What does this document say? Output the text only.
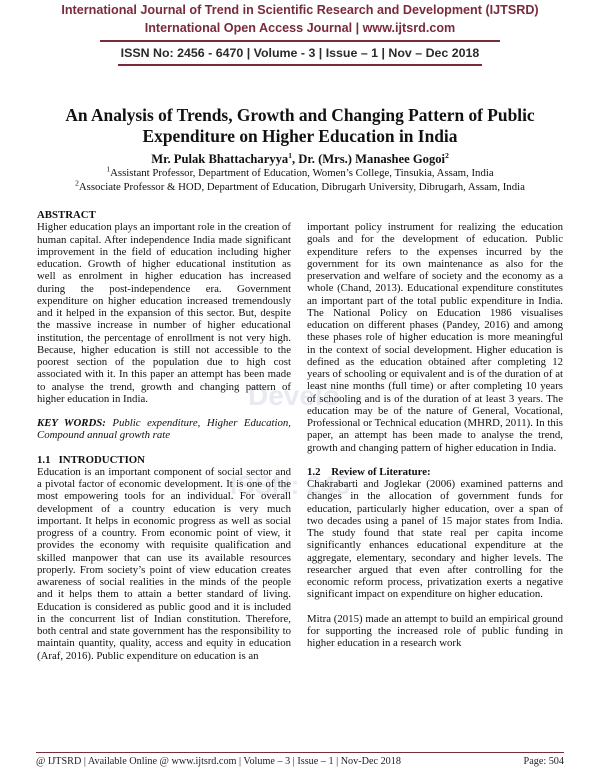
International Journal of Trend in Scientific Research and Development (IJTSRD)
International Open Access Journal | www.ijtsrd.com
ISSN No: 2456 - 6470 | Volume - 3 | Issue – 1 | Nov – Dec 2018
Develo
ISSN: 245
An Analysis of Trends, Growth and Changing Pattern of Public Expenditure on Higher Education in India
Mr. Pulak Bhattacharyya$^1$, Dr. (Mrs.) Manashee Gogoi$^2$
$^1$Assistant Professor, Department of Education, Women’s College, Tinsukia, Assam, India
$^2$Associate Professor & HOD, Department of Education, Dibrugarh University, Dibrugarh, Assam, India

ABSTRACT

Higher education plays an important role in the creation of human capital. After independence India made significant improvement in the field of education including higher education. Growth of higher educational institution as well as enrolment in higher education has increased during the post-independence era. Government expenditure on higher education increased tremendously and it helped in the expansion of this sector. But, despite the massive increase in number of higher educational institution, the percentage of enrollment is not very high. Because, higher education is still not accessible to the poorest section of the population due to high cost associated with it. In this paper an attempt has been made to analyse the trend, growth and changing pattern of higher education in India.

KEY WORDS: Public expenditure, Higher Education, Compound annual growth rate

1.1   INTRODUCTION

Education is an important component of social sector and a pivotal factor of economic development. It is one of the most empowering tools for an individual. For overall development of a country education is very much important. It helps in economic progress as well as social progress of a country. From economic point of view, it provides the economy with requisite qualification and skilled manpower that can use its available resources properly. From society’s point of view education creates awareness of social realities in the minds of the people and it helps them to attain a better standard of living. Education is considered as public good and it is included in the concurrent list of Indian constitution. Therefore, both central and state government has the responsibility to maintain quantity, quality, access and equity in education (Araf, 2016). Public expenditure on education is an

important policy instrument for realizing the education goals and for the development of education. Public expenditure refers to the expenses incurred by the government for its own maintenance as also for the preservation and welfare of society and the economy as a whole (Chand, 2013). Educational expenditure constitutes an important part of the total public expenditure in India. The National Policy on Education 1986 visualises education on different phases (Pandey, 2016) and among these phases role of higher education is more meaningful in the context of social development. Higher education is defined as the education obtained after completing 12 years of schooling or equivalent and is of the duration of at least nine months (full time) or after completing 10 years of schooling and is of the duration of at least 3 years. The education may be of the nature of General, Vocational, Professional or Technical education (MHRD, 2011). In this paper, an attempt has been made to analyse the trend, growth and changing pattern of higher education in India.

1.2    Review of Literature:

Chakrabarti and Joglekar (2006) examined patterns and changes in the allocation of government funds for education, particularly higher education, over a span of two decades using a panel of 15 major states from India. The study found that state real per capita income significantly enhances educational expenditure at the aggregate, elementary, secondary and higher levels. The researcher argued that even after controlling for the economic reform process, privatization exerts a negative significant impact on expenditure on higher education.

Mitra (2015) made an attempt to build an empirical ground for supporting the increased role of public funding in higher education in a research work

@ IJTSRD | Available Online @ www.ijtsrd.com | Volume – 3 | Issue – 1 | Nov-Dec 2018	Page: 504
